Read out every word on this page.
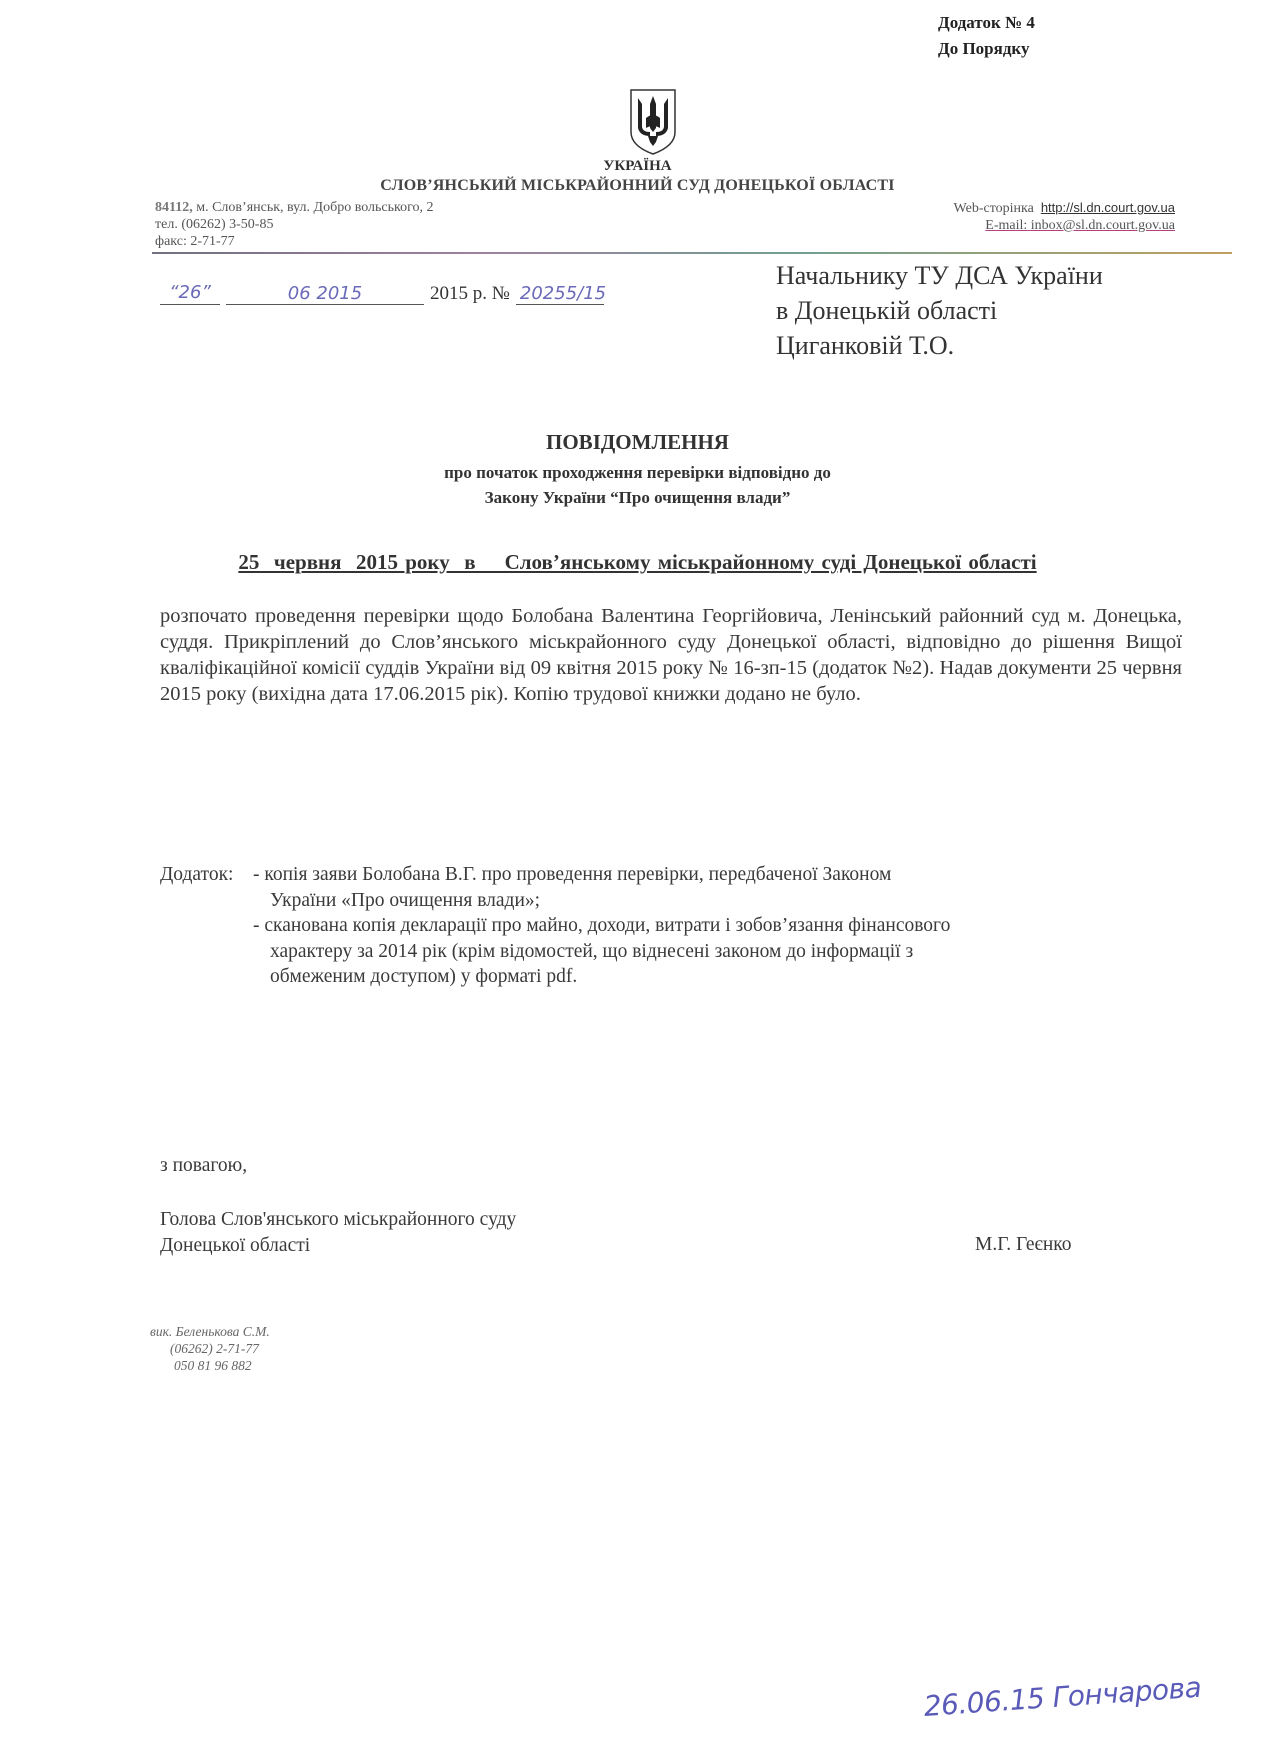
Додаток № 4
До Порядку
УКРАЇНА
СЛОВ’ЯНСЬКИЙ МІСЬКРАЙОННИЙ СУД ДОНЕЦЬКОЇ ОБЛАСТІ
84112, м. Слов’янськ, вул. Добро вольського, 2
тел. (06262) 3-50-85
факс: 2-71-77
Web-сторінка http://sl.dn.court.gov.ua
E-mail: inbox@sl.dn.court.gov.ua
“26”	06 2015	2015 р. № 20255/15
Начальнику ТУ ДСА України
в Донецькій області
Циганковій Т.О.
ПОВІДОМЛЕННЯ
про початок проходження перевірки відповідно до
Закону України “Про очищення влади”
25  червня  2015 року  в    Слов’янському міськрайонному суді Донецької області
розпочато проведення перевірки щодо Болобана Валентина Георгійовича, Ленінський районний суд м. Донецька, суддя. Прикріплений до Слов’янського міськрайонного суду Донецької області, відповідно до рішення Вищої кваліфікаційної комісії суддів України від 09 квітня 2015 року № 16-зп-15 (додаток №2). Надав документи 25 червня 2015 року (вихідна дата 17.06.2015 рік). Копію трудової книжки додано не було.
Додаток:	- копія заяви Болобана В.Г. про проведення перевірки, передбаченої Законом
України «Про очищення влади»;
- сканована копія декларації про майно, доходи, витрати і зобов’язання фінансового
характеру за 2014 рік (крім відомостей, що віднесені законом до інформації з
обмеженим доступом) у форматі pdf.
з повагою,
Голова Слов'янського міськрайонного суду
Донецької області	М.Г. Геєнко
вик. Беленькова С.М.
(06262) 2-71-77
050 81 96 882
26.06.15 Гончарова
